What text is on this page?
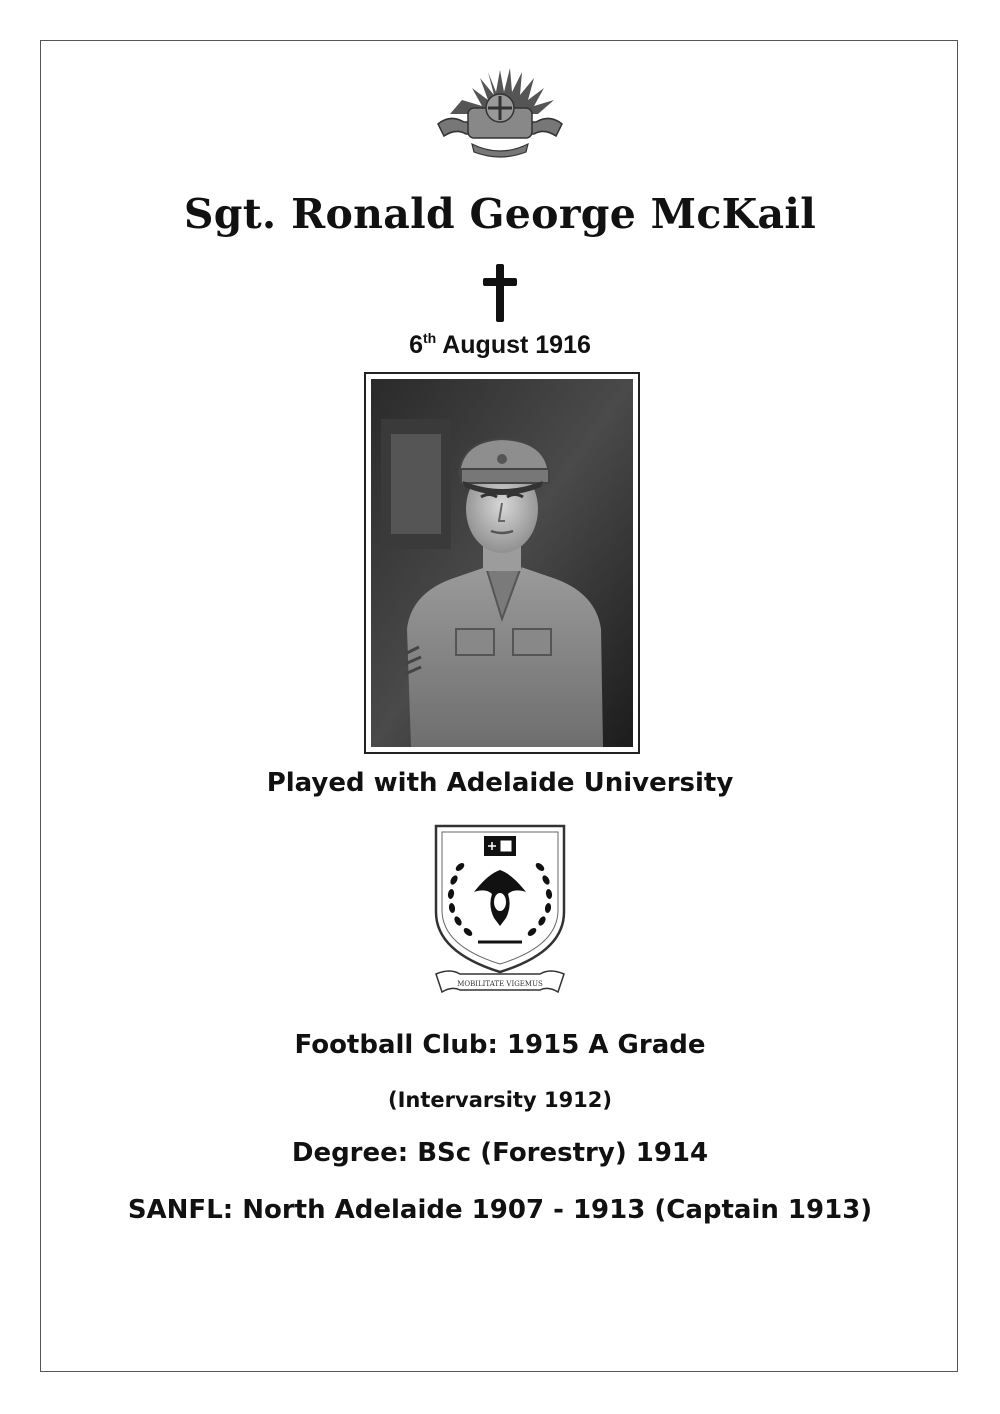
Sgt. Ronald George McKail
6th August 1916
Played with Adelaide University
MOBILITATE VIGEMUS
Football Club: 1915 A Grade
(Intervarsity 1912)
Degree: BSc (Forestry) 1914
SANFL: North Adelaide 1907 - 1913 (Captain 1913)
